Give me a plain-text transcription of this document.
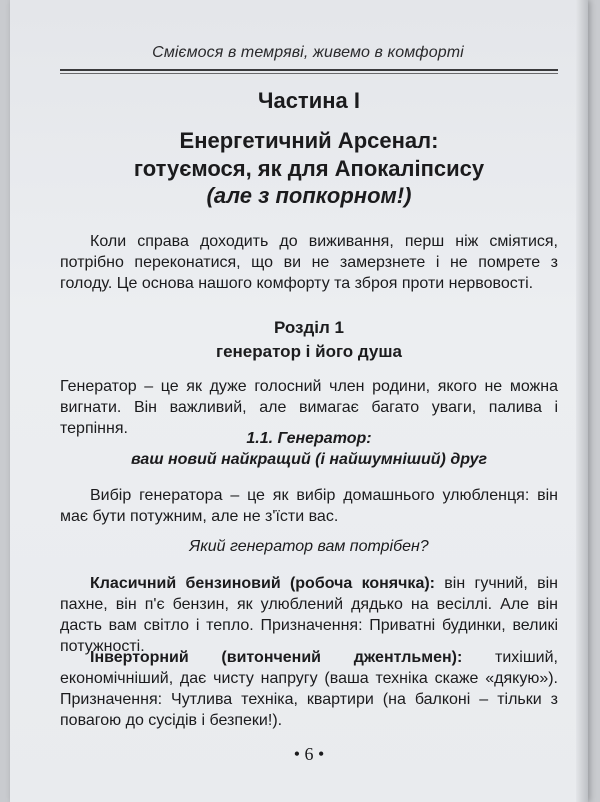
Сміємося в темряві, живемо в комфорті
Частина І
Енергетичний Арсенал:
готуємося, як для Апокаліпсису
(але з попкорном!)
Коли справа доходить до виживання, перш ніж сміятися, потрібно переконатися, що ви не замерзнете і не помрете з голоду. Це основа нашого комфорту та зброя проти нервовості.
Розділ 1
генератор і його душа
Генератор – це як дуже голосний член родини, якого не можна вигнати. Він важливий, але вимагає багато уваги, палива і терпіння.
1.1. Генератор:
ваш новий найкращий (і найшумніший) друг
Вибір генератора – це як вибір домашнього улюбленця: він має бути потужним, але не з'їсти вас.
Який генератор вам потрібен?
Класичний бензиновий (робоча конячка): він гучний, він пахне, він п'є бензин, як улюблений дядько на весіллі. Але він дасть вам світло і тепло. Призначення: Приватні будинки, великі потужності.
Інверторний (витончений джентльмен): тихіший, економічніший, дає чисту напругу (ваша техніка скаже «дякую»). Призначення: Чутлива техніка, квартири (на балконі – тільки з повагою до сусідів і безпеки!).
• 6 •
